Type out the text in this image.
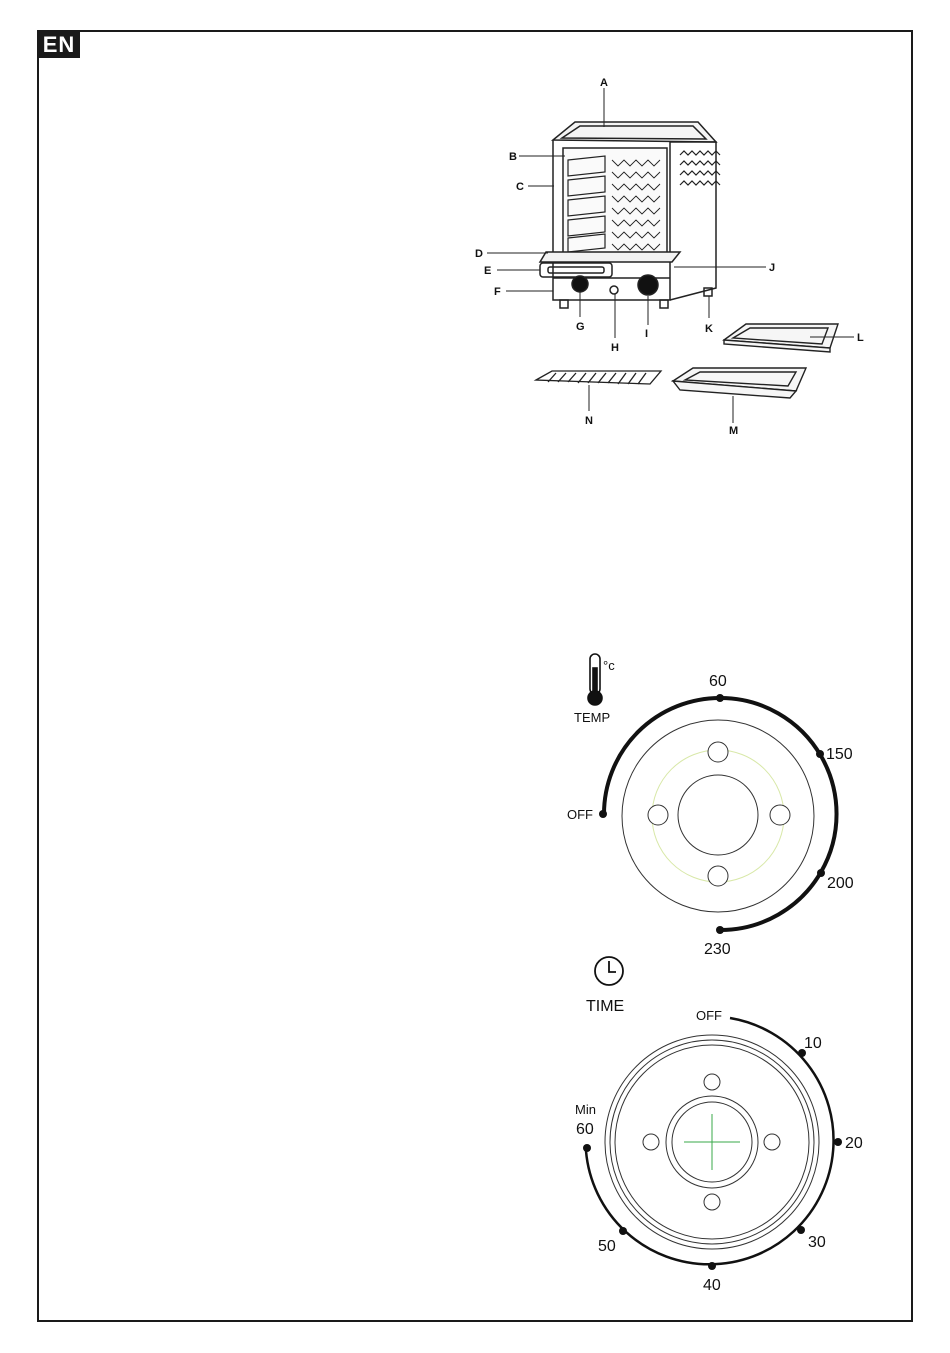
EN
A
B
C
D
E
F
G
H
I
J
K
L
M
N
°c
TEMP
60
150
OFF
200
230
TIME
OFF
10
20
30
40
50
Min
60
